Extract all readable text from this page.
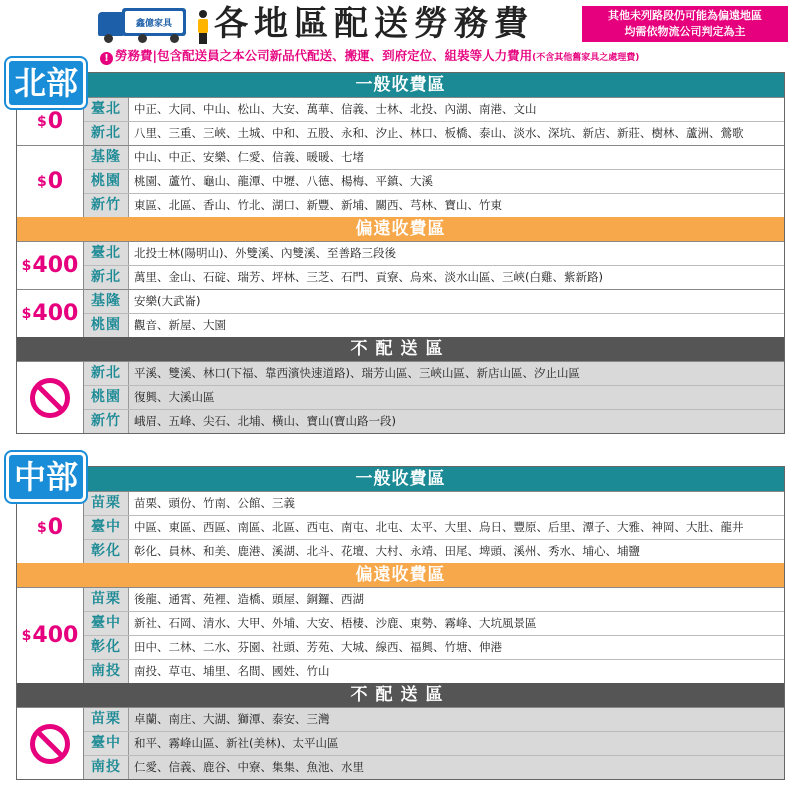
鑫億家具	各地區配送勞務費	其他未列路段仍可能為偏遠地區
均需依物流公司判定為主
! 勞務費|包含配送員之本公司新品代配送、搬運、到府定位、組裝等人力費用(不含其他舊家具之處理費)
一般收費區
$ 0	臺北	中正、大同、中山、松山、大安、萬華、信義、士林、北投、內湖、南港、文山
新北	八里、三重、三峽、土城、中和、五股、永和、汐止、林口、板橋、泰山、淡水、深坑、新店、新莊、樹林、蘆洲、鶯歌
$ 0
基隆	中山、中正、安樂、仁愛、信義、暖暖、七堵
桃園	桃園、蘆竹、龜山、龍潭、中壢、八德、楊梅、平鎮、大溪
新竹	東區、北區、香山、竹北、湖口、新豐、新埔、關西、芎林、寶山、竹東
偏遠收費區
$ 400 臺北	北投士林(陽明山)、外雙溪、內雙溪、至善路三段後
新北	萬里、金山、石碇、瑞芳、坪林、三芝、石門、貢寮、烏來、淡水山區、三峽(白雞、紫新路)
$ 400 基隆	安樂(大武崙)
桃園	觀音、新屋、大園
不配送區
新北	平溪、雙溪、林口(下福、靠西濱快速道路)、瑞芳山區、三峽山區、新店山區、汐止山區
桃園	復興、大溪山區
新竹	峨眉、五峰、尖石、北埔、橫山、寶山(寶山路一段)
北部
一般收費區
$ 0
苗栗	苗栗、頭份、竹南、公館、三義
臺中	中區、東區、西區、南區、北區、西屯、南屯、北屯、太平、大里、烏日、豐原、后里、潭子、大雅、神岡、大肚、龍井
彰化	彰化、員林、和美、鹿港、溪湖、北斗、花壇、大村、永靖、田尾、埤頭、溪州、秀水、埔心、埔鹽
偏遠收費區
$ 400
苗栗	後龍、通霄、苑裡、造橋、頭屋、銅鑼、西湖
臺中	新社、石岡、清水、大甲、外埔、大安、梧棲、沙鹿、東勢、霧峰、大坑風景區
彰化	田中、二林、二水、芬園、社頭、芳苑、大城、線西、福興、竹塘、伸港
南投	南投、草屯、埔里、名間、國姓、竹山
不配送區
苗栗	卓蘭、南庄、大湖、獅潭、泰安、三灣
臺中	和平、霧峰山區、新社(美林)、太平山區
南投	仁愛、信義、鹿谷、中寮、集集、魚池、水里
中部
